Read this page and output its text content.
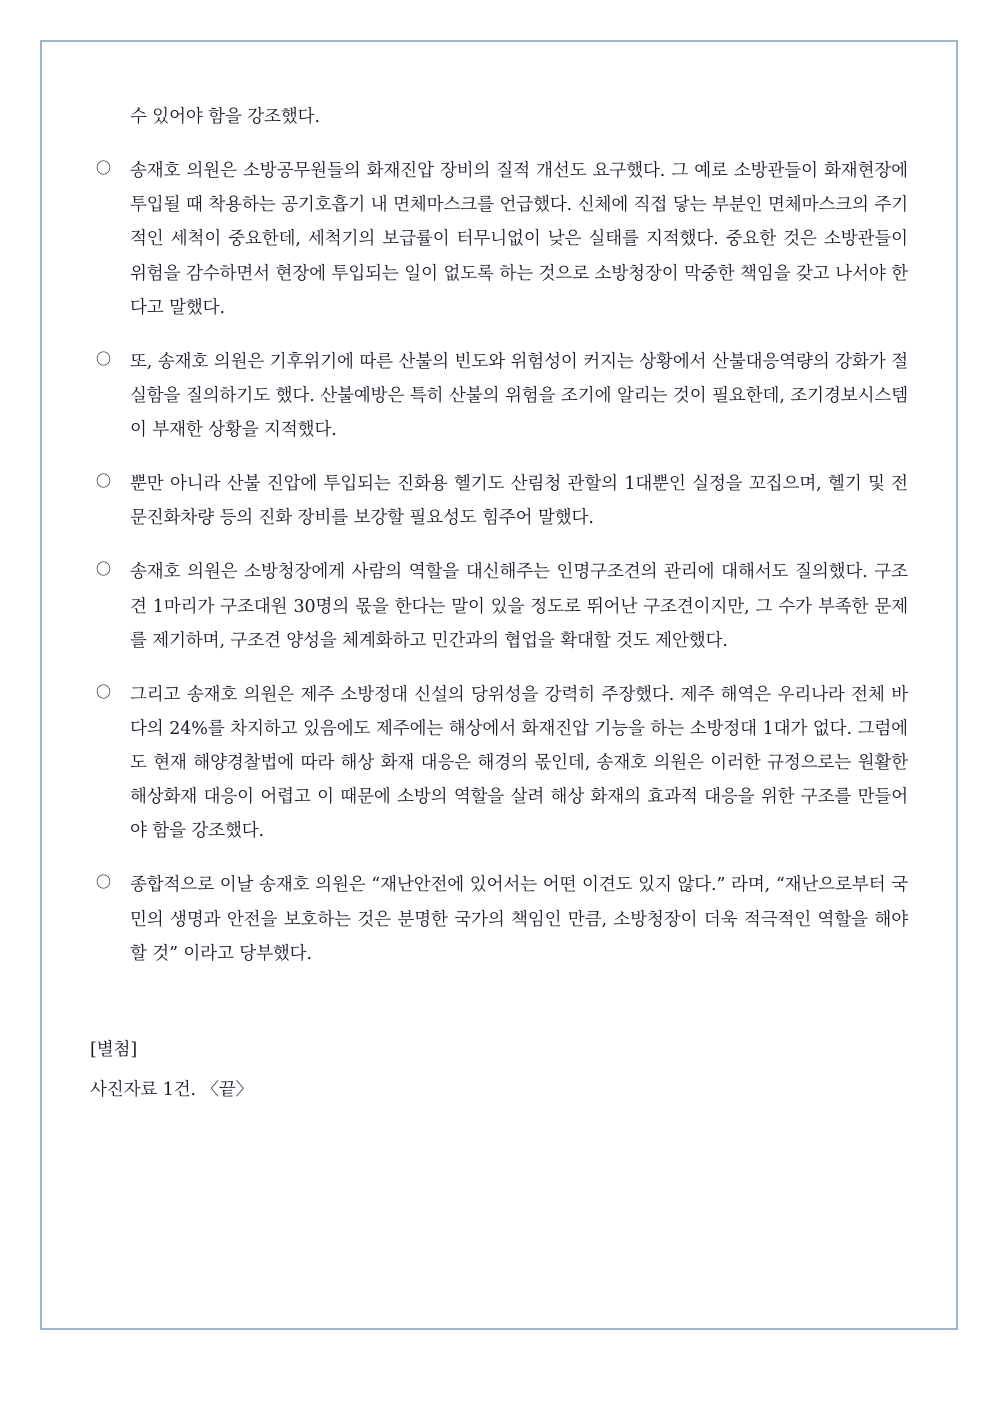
수 있어야 함을 강조했다.

〇 송재호 의원은 소방공무원들의 화재진압 장비의 질적 개선도 요구했다. 그 예로 소방관들이 화재현장에 투입될 때 착용하는 공기호흡기 내 면체마스크를 언급했다. 신체에 직접 닿는 부분인 면체마스크의 주기적인 세척이 중요한데, 세척기의 보급률이 터무니없이 낮은 실태를 지적했다. 중요한 것은 소방관들이 위험을 감수하면서 현장에 투입되는 일이 없도록 하는 것으로 소방청장이 막중한 책임을 갖고 나서야 한다고 말했다.
〇 또, 송재호 의원은 기후위기에 따른 산불의 빈도와 위험성이 커지는 상황에서 산불대응역량의 강화가 절실함을 질의하기도 했다. 산불예방은 특히 산불의 위험을 조기에 알리는 것이 필요한데, 조기경보시스템이 부재한 상황을 지적했다.
〇 뿐만 아니라 산불 진압에 투입되는 진화용 헬기도 산림청 관할의 1대뿐인 실정을 꼬집으며, 헬기 및 전문진화차량 등의 진화 장비를 보강할 필요성도 힘주어 말했다.
〇 송재호 의원은 소방청장에게 사람의 역할을 대신해주는 인명구조견의 관리에 대해서도 질의했다. 구조견 1마리가 구조대원 30명의 몫을 한다는 말이 있을 정도로 뛰어난 구조견이지만, 그 수가 부족한 문제를 제기하며, 구조견 양성을 체계화하고 민간과의 협업을 확대할 것도 제안했다.
〇 그리고 송재호 의원은 제주 소방정대 신설의 당위성을 강력히 주장했다. 제주 해역은 우리나라 전체 바다의 24%를 차지하고 있음에도 제주에는 해상에서 화재진압 기능을 하는 소방정대 1대가 없다. 그럼에도 현재 해양경찰법에 따라 해상 화재 대응은 해경의 몫인데, 송재호 의원은 이러한 규정으로는 원활한 해상화재 대응이 어렵고 이 때문에 소방의 역할을 살려 해상 화재의 효과적 대응을 위한 구조를 만들어야 함을 강조했다.
〇 종합적으로 이날 송재호 의원은 “재난안전에 있어서는 어떤 이견도 있지 않다.” 라며, “재난으로부터 국민의 생명과 안전을 보호하는 것은 분명한 국가의 책임인 만큼, 소방청장이 더욱 적극적인 역할을 해야할 것” 이라고 당부했다.

[별첨]

사진자료 1건. 〈끝〉
